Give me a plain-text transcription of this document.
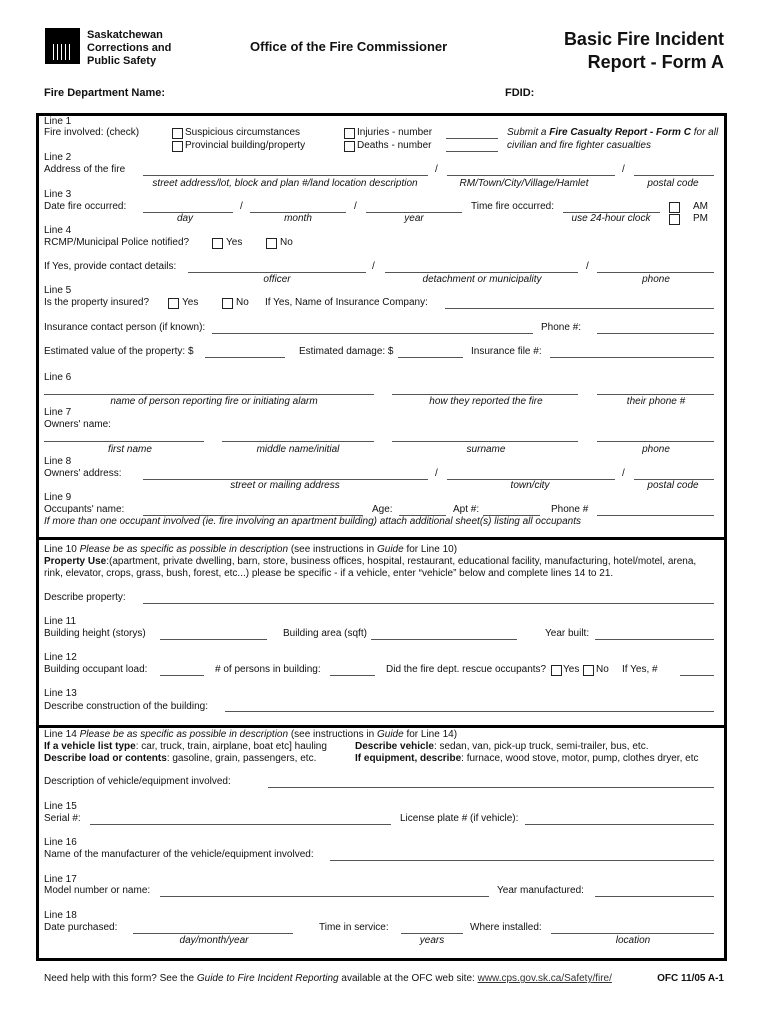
Saskatchewan
Corrections and
Public Safety
Office of the Fire Commissioner	Basic Fire Incident
Report - Form A
Fire Department Name:	FDID:
Line 1
Fire involved: (check)	Suspicious circumstances
Provincial building/property
Injuries - number
Deaths - number
Submit a Fire Casualty Report - Form C for all
civilian and fire fighter casualties
Line 2
Address of the fire	/	/
street address/lot, block and plan #/land location description	RM/Town/City/Village/Hamlet	postal code
Line 3
Date fire occurred:	/	/	Time fire occurred:	AM
PM
day	month	year	use 24-hour clock
Line 4
RCMP/Municipal Police notified?	Yes	No
If Yes, provide contact details:	/	/
officer	detachment or municipality	phone
Line 5
Is the property insured?	Yes	No If Yes, Name of Insurance Company:
Insurance contact person (if known):	Phone #:
Estimated value of the property: $	Estimated damage: $	Insurance file #:
Line 6
name of person reporting fire or initiating alarm	how they reported the fire	their phone #
Line 7
Owners' name:
first name	middle name/initial	surname	phone
Line 8
Owners' address:	/	/
street or mailing address	town/city	postal code
Line 9
Occupants' name:	Age:	Apt #:	Phone #
If more than one occupant involved (ie. fire involving an apartment building) attach additional sheet(s) listing all occupants
Line 10 Please be as specific as possible in description (see instructions in Guide for Line 10)
Property Use:(apartment, private dwelling, barn, store, business offices, hospital, restaurant, educational facility, manufacturing, hotel/motel, arena,
rink, elevator, crops, grass, bush, forest, etc...) please be specific - if a vehicle, enter “vehicle” below and complete lines 14 to 21.
Describe property:
Line 11
Building height (storys)	Building area (sqft)	Year built:
Line 12
Building occupant load:	# of persons in building:	Did the fire dept. rescue occupants? Yes No If Yes, #
Line 13
Describe construction of the building:
Line 14 Please be as specific as possible in description (see instructions in Guide for Line 14)
If a vehicle list type: car, truck, train, airplane, boat etc] hauling
Describe load or contents: gasoline, grain, passengers, etc.
Describe vehicle: sedan, van, pick-up truck, semi-trailer, bus, etc.
If equipment, describe: furnace, wood stove, motor, pump, clothes dryer, etc
Description of vehicle/equipment involved:
Line 15
Serial #:	License plate # (if vehicle):
Line 16
Name of the manufacturer of the vehicle/equipment involved:
Line 17
Model number or name:	Year manufactured:
Line 18
Date purchased:	Time in service:	Where installed:
day/month/year	years	location
Need help with this form? See the Guide to Fire Incident Reporting available at the OFC web site: www.cps.gov.sk.ca/Safety/fire/	OFC 11/05 A-1
